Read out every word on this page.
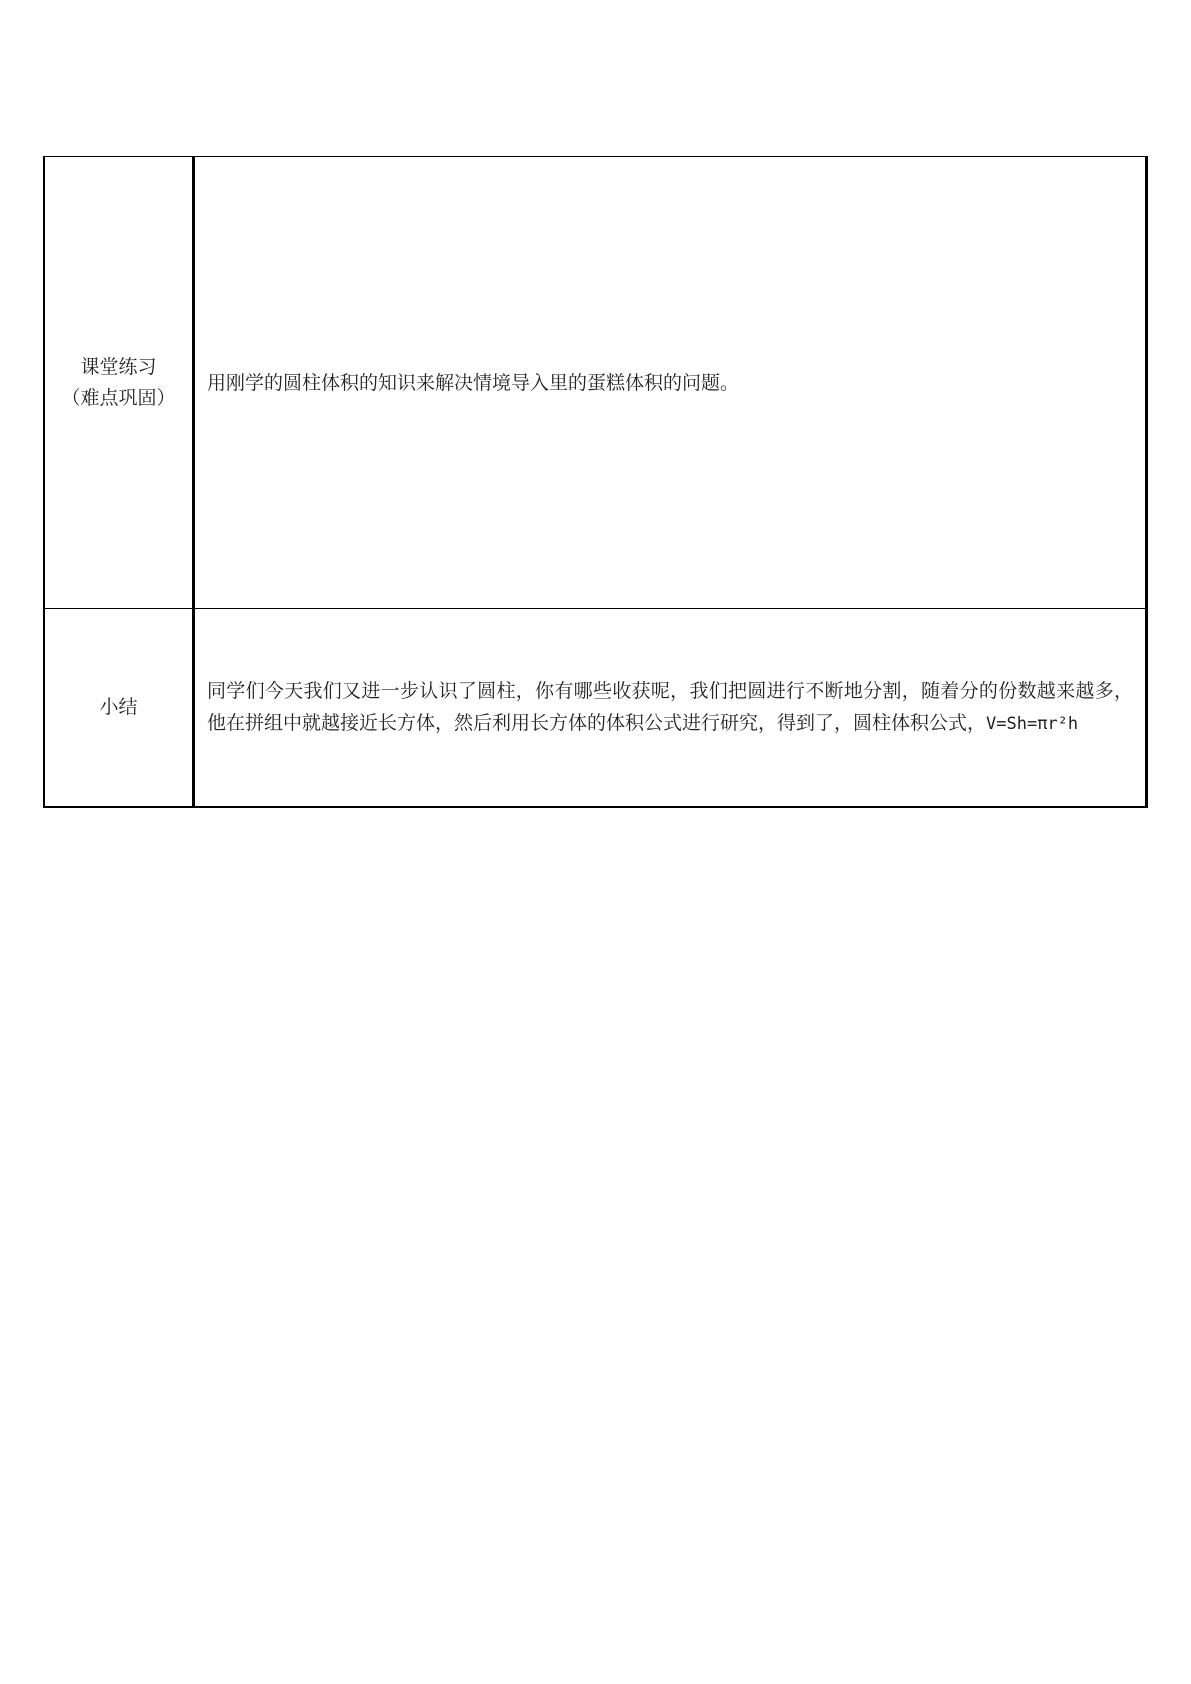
课堂练习
（难点巩固）	用刚学的圆柱体积的知识来解决情境导入里的蛋糕体积的问题。

小结	同学们今天我们又进一步认识了圆柱，你有哪些收获呢，我们把圆进行不断地分割，随着分的份数越来越多，他在拼组中就越接近长方体，然后利用长方体的体积公式进行研究，得到了，圆柱体积公式，V=Sh=πr²h
